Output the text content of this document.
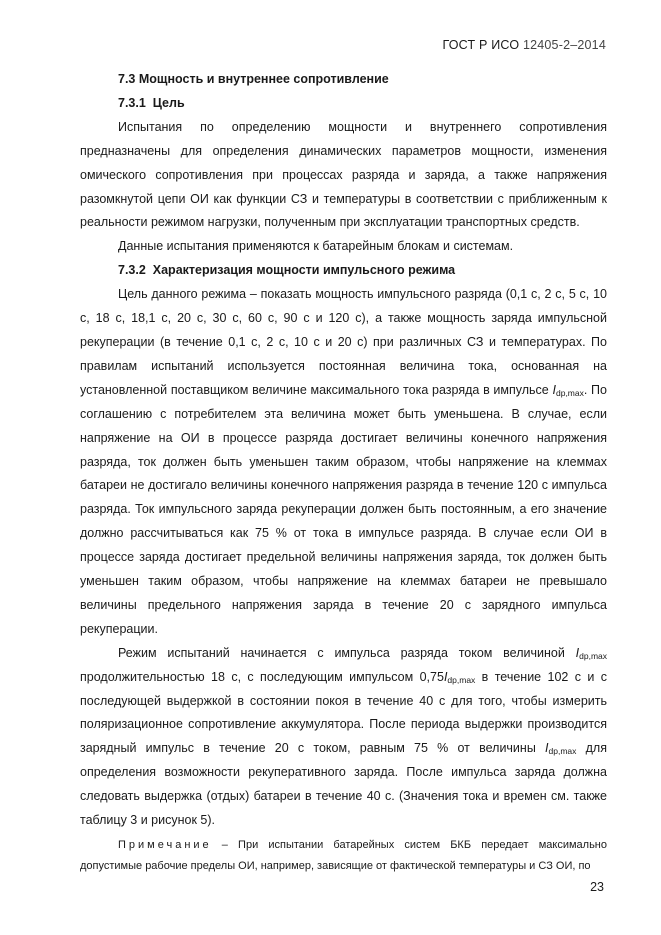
ГОСТ Р ИСО 12405-2–2014
7.3 Мощность и внутреннее сопротивление
7.3.1 Цель

Испытания по определению мощности и внутреннего сопротивления предназначены для определения динамических параметров мощности, изменения омического сопротивления при процессах разряда и заряда, а также напряжения разомкнутой цепи ОИ как функции СЗ и температуры в соответствии с приближенным к реальности режимом нагрузки, полученным при эксплуатации транспортных средств.

Данные испытания применяются к батарейным блокам и системам.

7.3.2 Характеризация мощности импульсного режима

Цель данного режима – показать мощность импульсного разряда (0,1 с, 2 с, 5 с, 10 с, 18 с, 18,1 с, 20 с, 30 с, 60 с, 90 с и 120 с), а также мощность заряда импульсной рекуперации (в течение 0,1 с, 2 с, 10 с и 20 с) при различных СЗ и температурах. По правилам испытаний используется постоянная величина тока, основанная на установленной поставщиком величине максимального тока разряда в импульсе $I_{dp,max}$. По соглашению с потребителем эта величина может быть уменьшена. В случае, если напряжение на ОИ в процессе разряда достигает величины конечного напряжения разряда, ток должен быть уменьшен таким образом, чтобы напряжение на клеммах батареи не достигало величины конечного напряжения разряда в течение 120 с импульса разряда. Ток импульсного заряда рекуперации должен быть постоянным, а его значение должно рассчитываться как 75 % от тока в импульсе разряда. В случае если ОИ в процессе заряда достигает предельной величины напряжения заряда, ток должен быть уменьшен таким образом, чтобы напряжение на клеммах батареи не превышало величины предельного напряжения заряда в течение 20 с зарядного импульса рекуперации.

Режим испытаний начинается с импульса разряда током величиной $I_{dp,max}$ продолжительностью 18 с, с последующим импульсом $0,75I_{dp,max}$ в течение 102 с и с последующей выдержкой в состоянии покоя в течение 40 с для того, чтобы измерить поляризационное сопротивление аккумулятора. После периода выдержки производится зарядный импульс в течение 20 с током, равным 75 % от величины $I_{dp,max}$ для определения возможности рекуперативного заряда. После импульса заряда должна следовать выдержка (отдых) батареи в течение 40 с. (Значения тока и времен см. также таблицу 3 и рисунок 5).

Примечание – При испытании батарейных систем БКБ передает максимально допустимые рабочие пределы ОИ, например, зависящие от фактической температуры и СЗ ОИ, по

23
